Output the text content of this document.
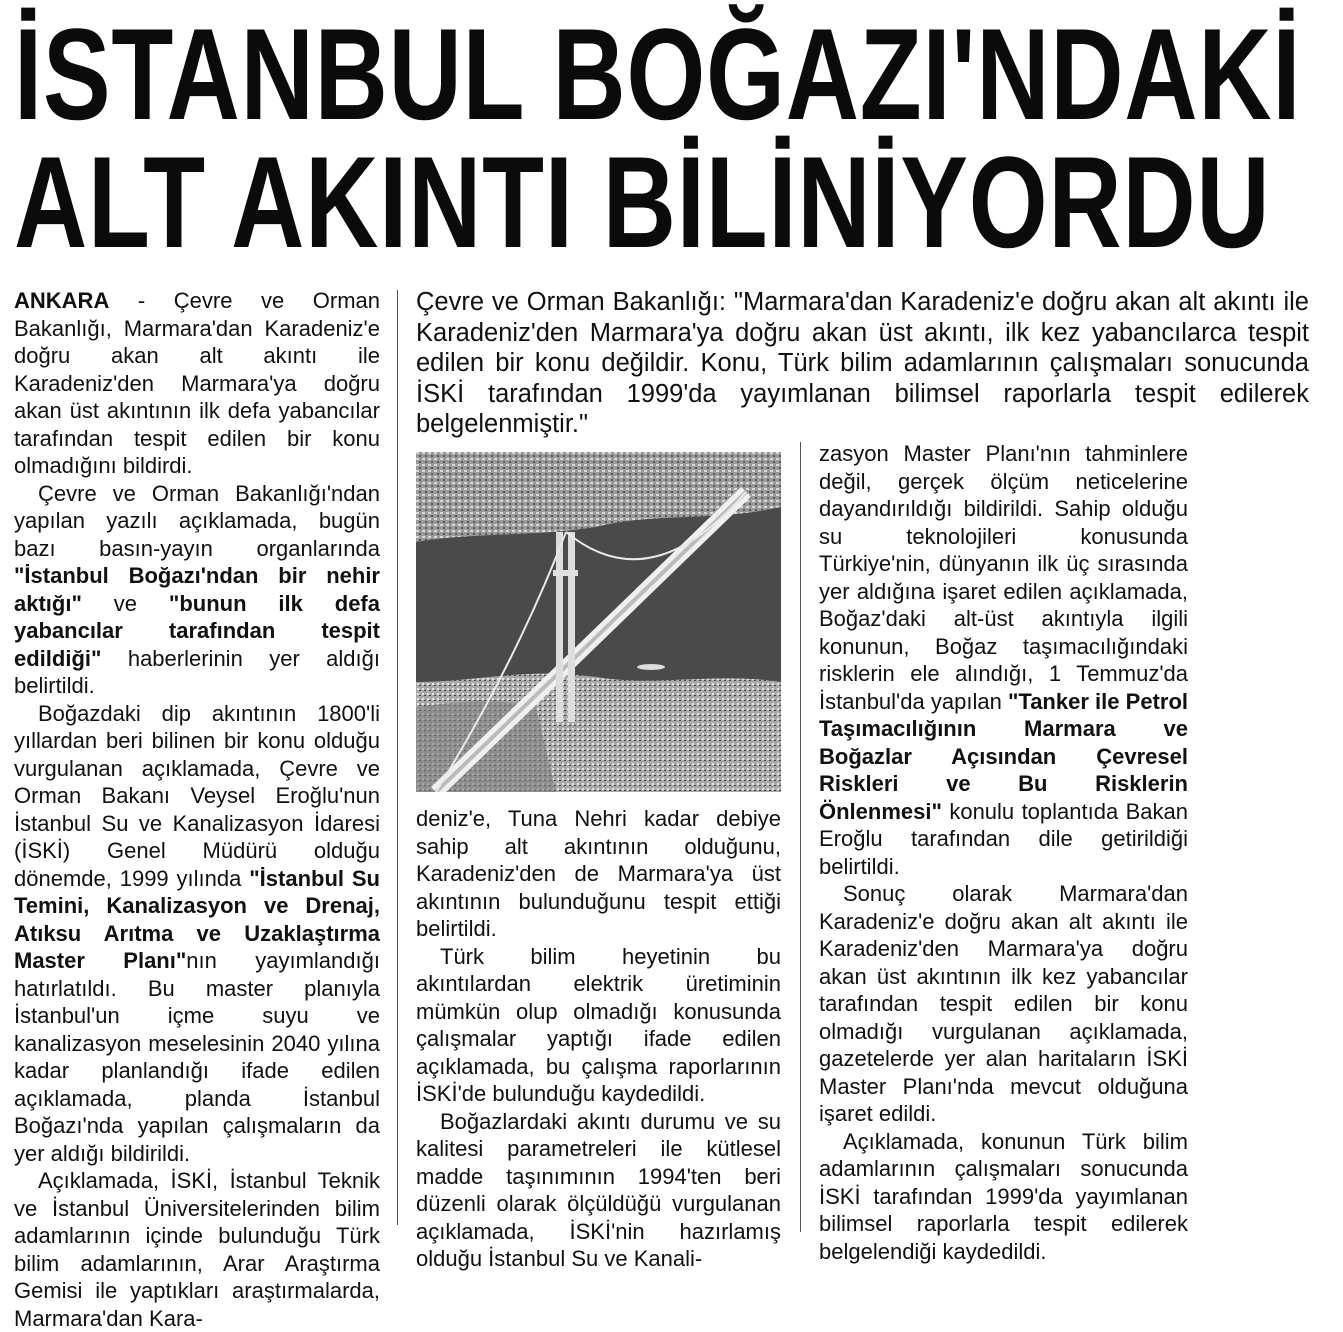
İSTANBUL BOĞAZI'NDAKİ
ALT AKINTI BİLİNİYORDU

ANKARA - Çevre ve Orman Bakanlığı, Marmara'dan Karadeniz'e doğru akan alt akıntı ile Karadeniz'den Marmara'ya doğru akan üst akıntının ilk defa yabancılar tarafından tespit edilen bir konu olmadığını bildirdi.

Çevre ve Orman Bakanlığı'ndan yapılan yazılı açıklamada, bugün bazı basın-yayın organlarında "İstanbul Boğazı'ndan bir nehir aktığı" ve "bunun ilk defa yabancılar tarafından tespit edildiği" haberlerinin yer aldığı belirtildi.

Boğazdaki dip akıntının 1800'li yıllardan beri bilinen bir konu olduğu vurgulanan açıklamada, Çevre ve Orman Bakanı Veysel Eroğlu'nun İstanbul Su ve Kanalizasyon İdaresi (İSKİ) Genel Müdürü olduğu dönemde, 1999 yılında "İstanbul Su Temini, Kanalizasyon ve Drenaj, Atıksu Arıtma ve Uzaklaştırma Master Planı"nın yayımlandığı hatırlatıldı. Bu master planıyla İstanbul'un içme suyu ve kanalizasyon meselesinin 2040 yılına kadar planlandığı ifade edilen açıklamada, planda İstanbul Boğazı'nda yapılan çalışmaların da yer aldığı bildirildi.

Açıklamada, İSKİ, İstanbul Teknik ve İstanbul Üniversitelerinden bilim adamlarının içinde bulunduğu Türk bilim adamlarının, Arar Araştırma Gemisi ile yaptıkları araştırmalarda, Marmara'dan Kara-

Çevre ve Orman Bakanlığı: "Marmara'dan Karadeniz'e doğru akan alt akıntı ile Karadeniz'den Marmara'ya doğru akan üst akıntı, ilk kez yabancılarca tespit edilen bir konu değildir. Konu, Türk bilim adamlarının çalışmaları sonucunda İSKİ tarafından 1999'da yayımlanan bilimsel raporlarla tespit edilerek belgelenmiştir."

deniz'e, Tuna Nehri kadar debiye sahip alt akıntının olduğunu, Karadeniz'den de Marmara'ya üst akıntının bulunduğunu tespit ettiği belirtildi.

Türk bilim heyetinin bu akıntılardan elektrik üretiminin mümkün olup olmadığı konusunda çalışmalar yaptığı ifade edilen açıklamada, bu çalışma raporlarının İSKİ'de bulunduğu kaydedildi.

Boğazlardaki akıntı durumu ve su kalitesi parametreleri ile kütlesel madde taşınımının 1994'ten beri düzenli olarak ölçüldüğü vurgulanan açıklamada, İSKİ'nin hazırlamış olduğu İstanbul Su ve Kanali-

zasyon Master Planı'nın tahminlere değil, gerçek ölçüm neticelerine dayandırıldığı bildirildi. Sahip olduğu su teknolojileri konusunda Türkiye'nin, dünyanın ilk üç sırasında yer aldığına işaret edilen açıklamada, Boğaz'daki alt-üst akıntıyla ilgili konunun, Boğaz taşımacılığındaki risklerin ele alındığı, 1 Temmuz'da İstanbul'da yapılan "Tanker ile Petrol Taşımacılığının Marmara ve Boğazlar Açısından Çevresel Riskleri ve Bu Risklerin Önlenmesi" konulu toplantıda Bakan Eroğlu tarafından dile getirildiği belirtildi.

Sonuç olarak Marmara'dan Karadeniz'e doğru akan alt akıntı ile Karadeniz'den Marmara'ya doğru akan üst akıntının ilk kez yabancılar tarafından tespit edilen bir konu olmadığı vurgulanan açıklamada, gazetelerde yer alan haritaların İSKİ Master Planı'nda mevcut olduğuna işaret edildi.

Açıklamada, konunun Türk bilim adamlarının çalışmaları sonucunda İSKİ tarafından 1999'da yayımlanan bilimsel raporlarla tespit edilerek belgelendiği kaydedildi.
